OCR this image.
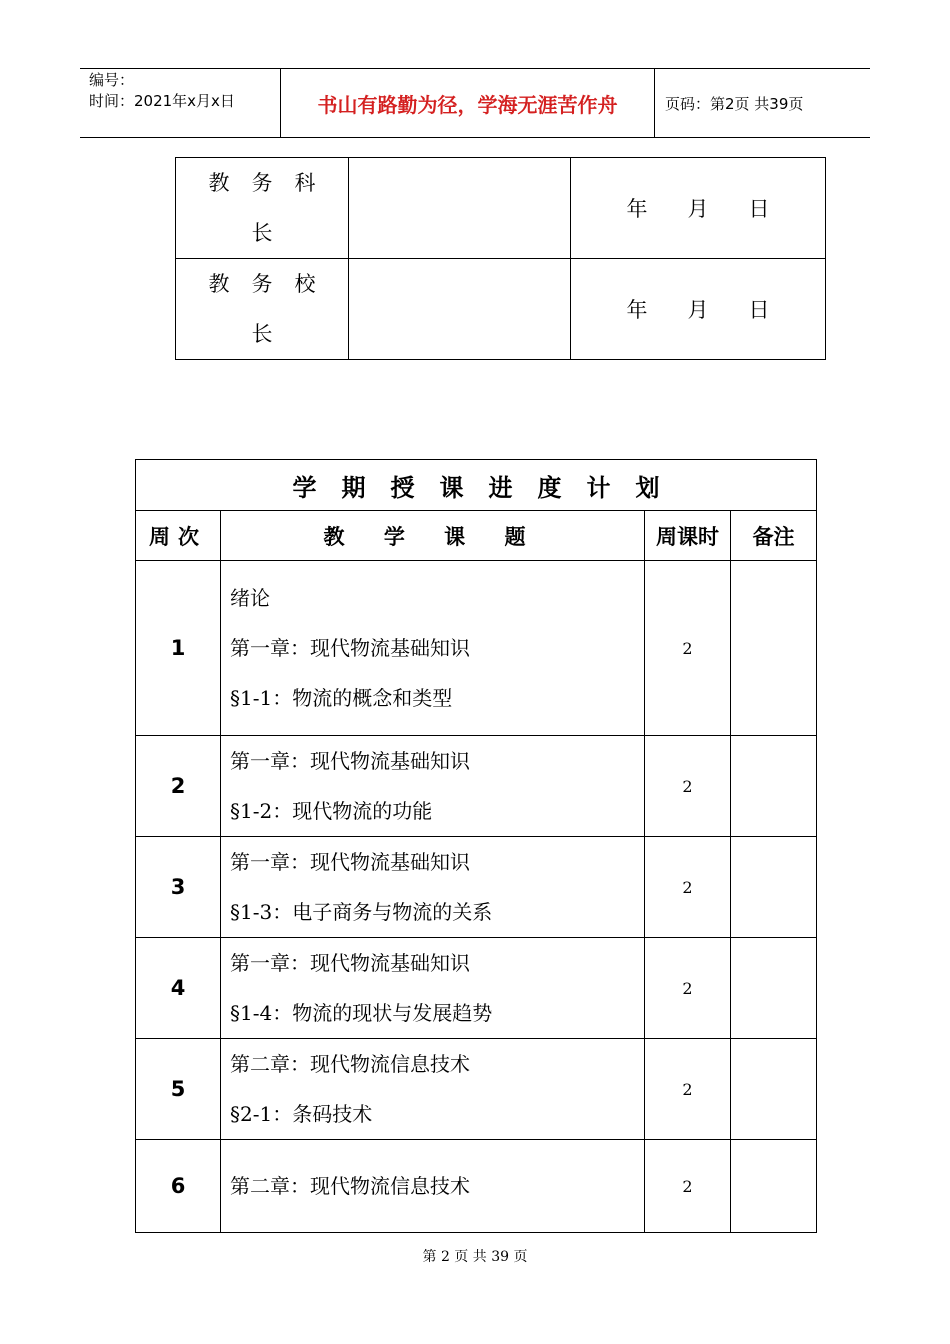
编号：
时间：2021年x月x日	书山有路勤为径，学海无涯苦作舟	页码：第2页 共39页
教务科
长		年 月 日

教务校
长		年 月 日
学期授课进度计划			
周次	教 学 课 题	周课时	备注
1	绪论
第一章：现代物流基础知识
§1-1：物流的概念和类型	2	
2	第一章：现代物流基础知识
§1-2：现代物流的功能	2	
3	第一章：现代物流基础知识
§1-3：电子商务与物流的关系	2	
4	第一章：现代物流基础知识
§1-4：物流的现状与发展趋势	2	
5	第二章：现代物流信息技术
§2-1：条码技术	2	
6	第二章：现代物流信息技术	2	
第 2 页 共 39 页
